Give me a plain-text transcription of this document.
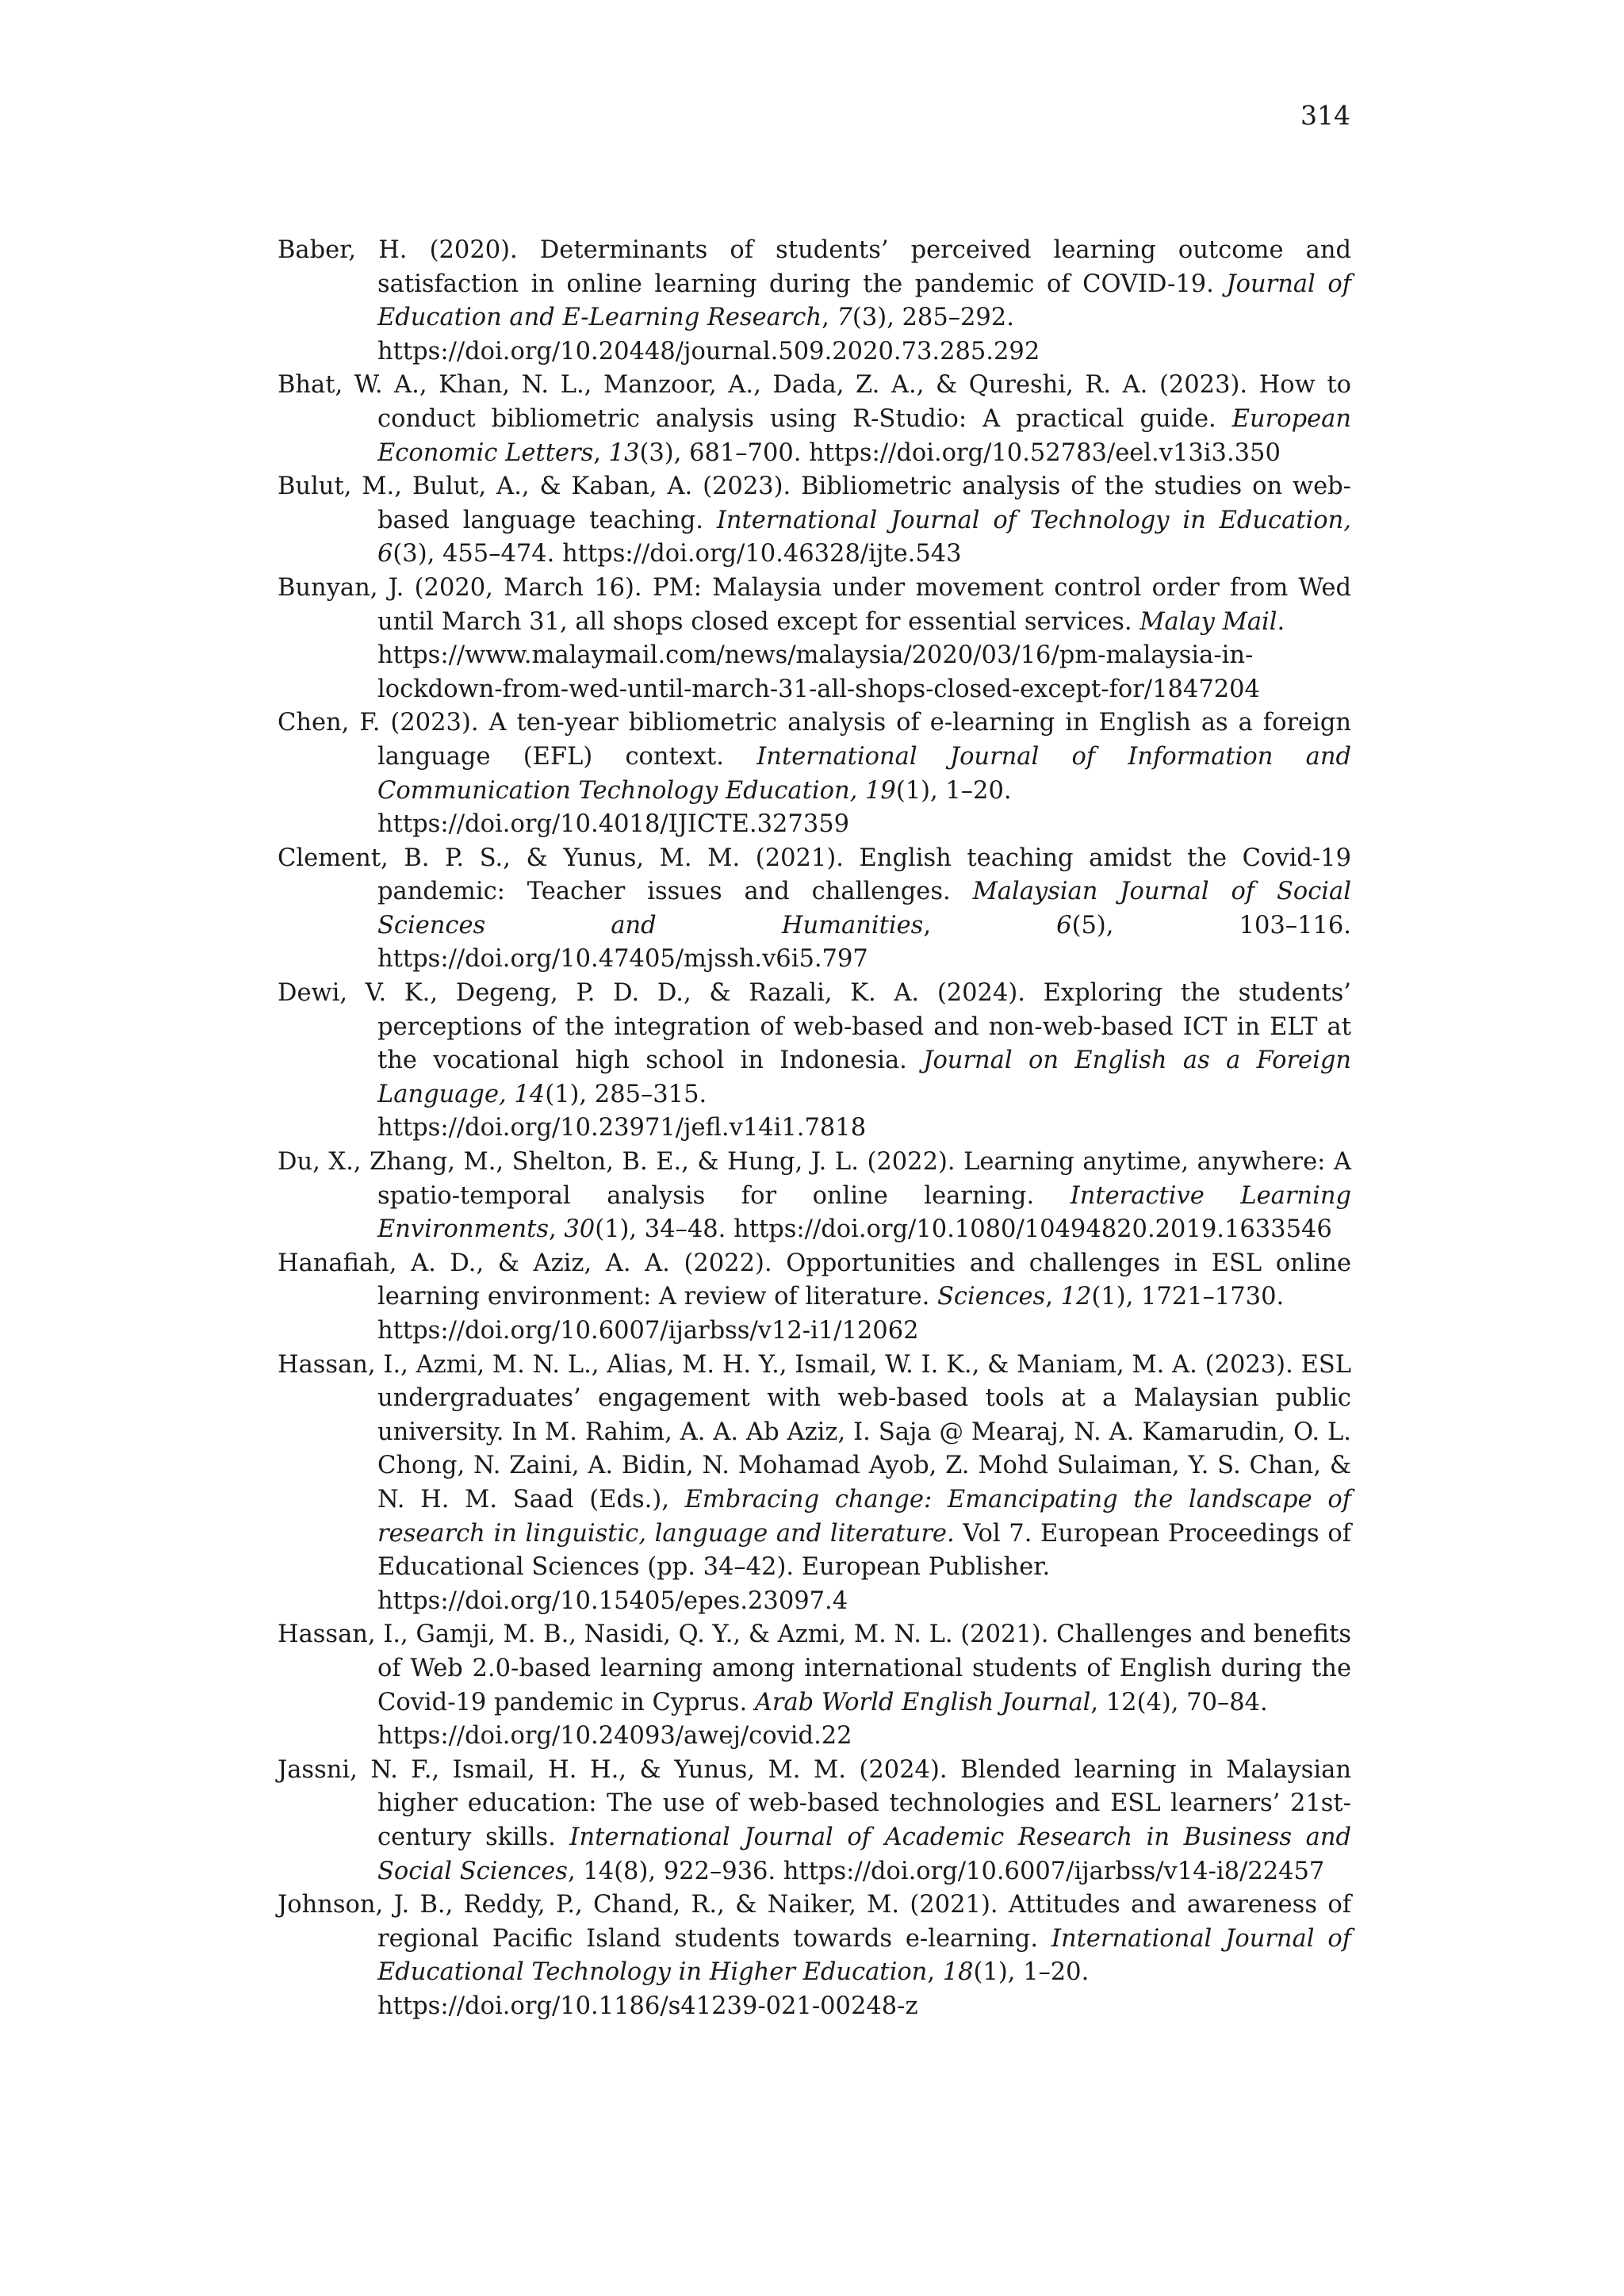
314
Baber, H. (2020). Determinants of students’ perceived learning outcome and satisfaction in online learning during the pandemic of COVID-19. Journal of Education and E-Learning Research, 7(3), 285–292.
https://doi.org/10.20448/journal.509.2020.73.285.292
Bhat, W. A., Khan, N. L., Manzoor, A., Dada, Z. A., & Qureshi, R. A. (2023). How to conduct bibliometric analysis using R-Studio: A practical guide. European Economic Letters, 13(3), 681–700. https://doi.org/10.52783/eel.v13i3.350
Bulut, M., Bulut, A., & Kaban, A. (2023). Bibliometric analysis of the studies on web-based language teaching. International Journal of Technology in Education, 6(3), 455–474. https://doi.org/10.46328/ijte.543
Bunyan, J. (2020, March 16). PM: Malaysia under movement control order from Wed until March 31, all shops closed except for essential services. Malay Mail.
https://www.malaymail.com/news/malaysia/2020/03/16/pm-malaysia-in-lockdown-from-wed-until-march-31-all-shops-closed-except-for/1847204
Chen, F. (2023). A ten-year bibliometric analysis of e-learning in English as a foreign language (EFL) context. International Journal of Information and Communication Technology Education, 19(1), 1–20.
https://doi.org/10.4018/IJICTE.327359
Clement, B. P. S., & Yunus, M. M. (2021). English teaching amidst the Covid-19 pandemic: Teacher issues and challenges. Malaysian Journal of Social Sciences and Humanities, 6(5), 103–116. https://doi.org/10.47405/mjssh.v6i5.797
Dewi, V. K., Degeng, P. D. D., & Razali, K. A. (2024). Exploring the students’ perceptions of the integration of web-based and non-web-based ICT in ELT at the vocational high school in Indonesia. Journal on English as a Foreign Language, 14(1), 285–315.
https://doi.org/10.23971/jefl.v14i1.7818
Du, X., Zhang, M., Shelton, B. E., & Hung, J. L. (2022). Learning anytime, anywhere: A spatio-temporal analysis for online learning. Interactive Learning Environments, 30(1), 34–48. https://doi.org/10.1080/10494820.2019.1633546
Hanafiah, A. D., & Aziz, A. A. (2022). Opportunities and challenges in ESL online learning environment: A review of literature. Sciences, 12(1), 1721–1730.
https://doi.org/10.6007/ijarbss/v12-i1/12062
Hassan, I., Azmi, M. N. L., Alias, M. H. Y., Ismail, W. I. K., & Maniam, M. A. (2023). ESL undergraduates’ engagement with web-based tools at a Malaysian public university. In M. Rahim, A. A. Ab Aziz, I. Saja @ Mearaj, N. A. Kamarudin, O. L. Chong, N. Zaini, A. Bidin, N. Mohamad Ayob, Z. Mohd Sulaiman, Y. S. Chan, & N. H. M. Saad (Eds.), Embracing change: Emancipating the landscape of research in linguistic, language and literature. Vol 7. European Proceedings of Educational Sciences (pp. 34–42). European Publisher.
https://doi.org/10.15405/epes.23097.4
Hassan, I., Gamji, M. B., Nasidi, Q. Y., & Azmi, M. N. L. (2021). Challenges and benefits of Web 2.0-based learning among international students of English during the Covid-19 pandemic in Cyprus. Arab World English Journal, 12(4), 70–84.
https://doi.org/10.24093/awej/covid.22
Jassni, N. F., Ismail, H. H., & Yunus, M. M. (2024). Blended learning in Malaysian higher education: The use of web-based technologies and ESL learners’ 21st-century skills. International Journal of Academic Research in Business and Social Sciences, 14(8), 922–936. https://doi.org/10.6007/ijarbss/v14-i8/22457
Johnson, J. B., Reddy, P., Chand, R., & Naiker, M. (2021). Attitudes and awareness of regional Pacific Island students towards e-learning. International Journal of Educational Technology in Higher Education, 18(1), 1–20.
https://doi.org/10.1186/s41239-021-00248-z
